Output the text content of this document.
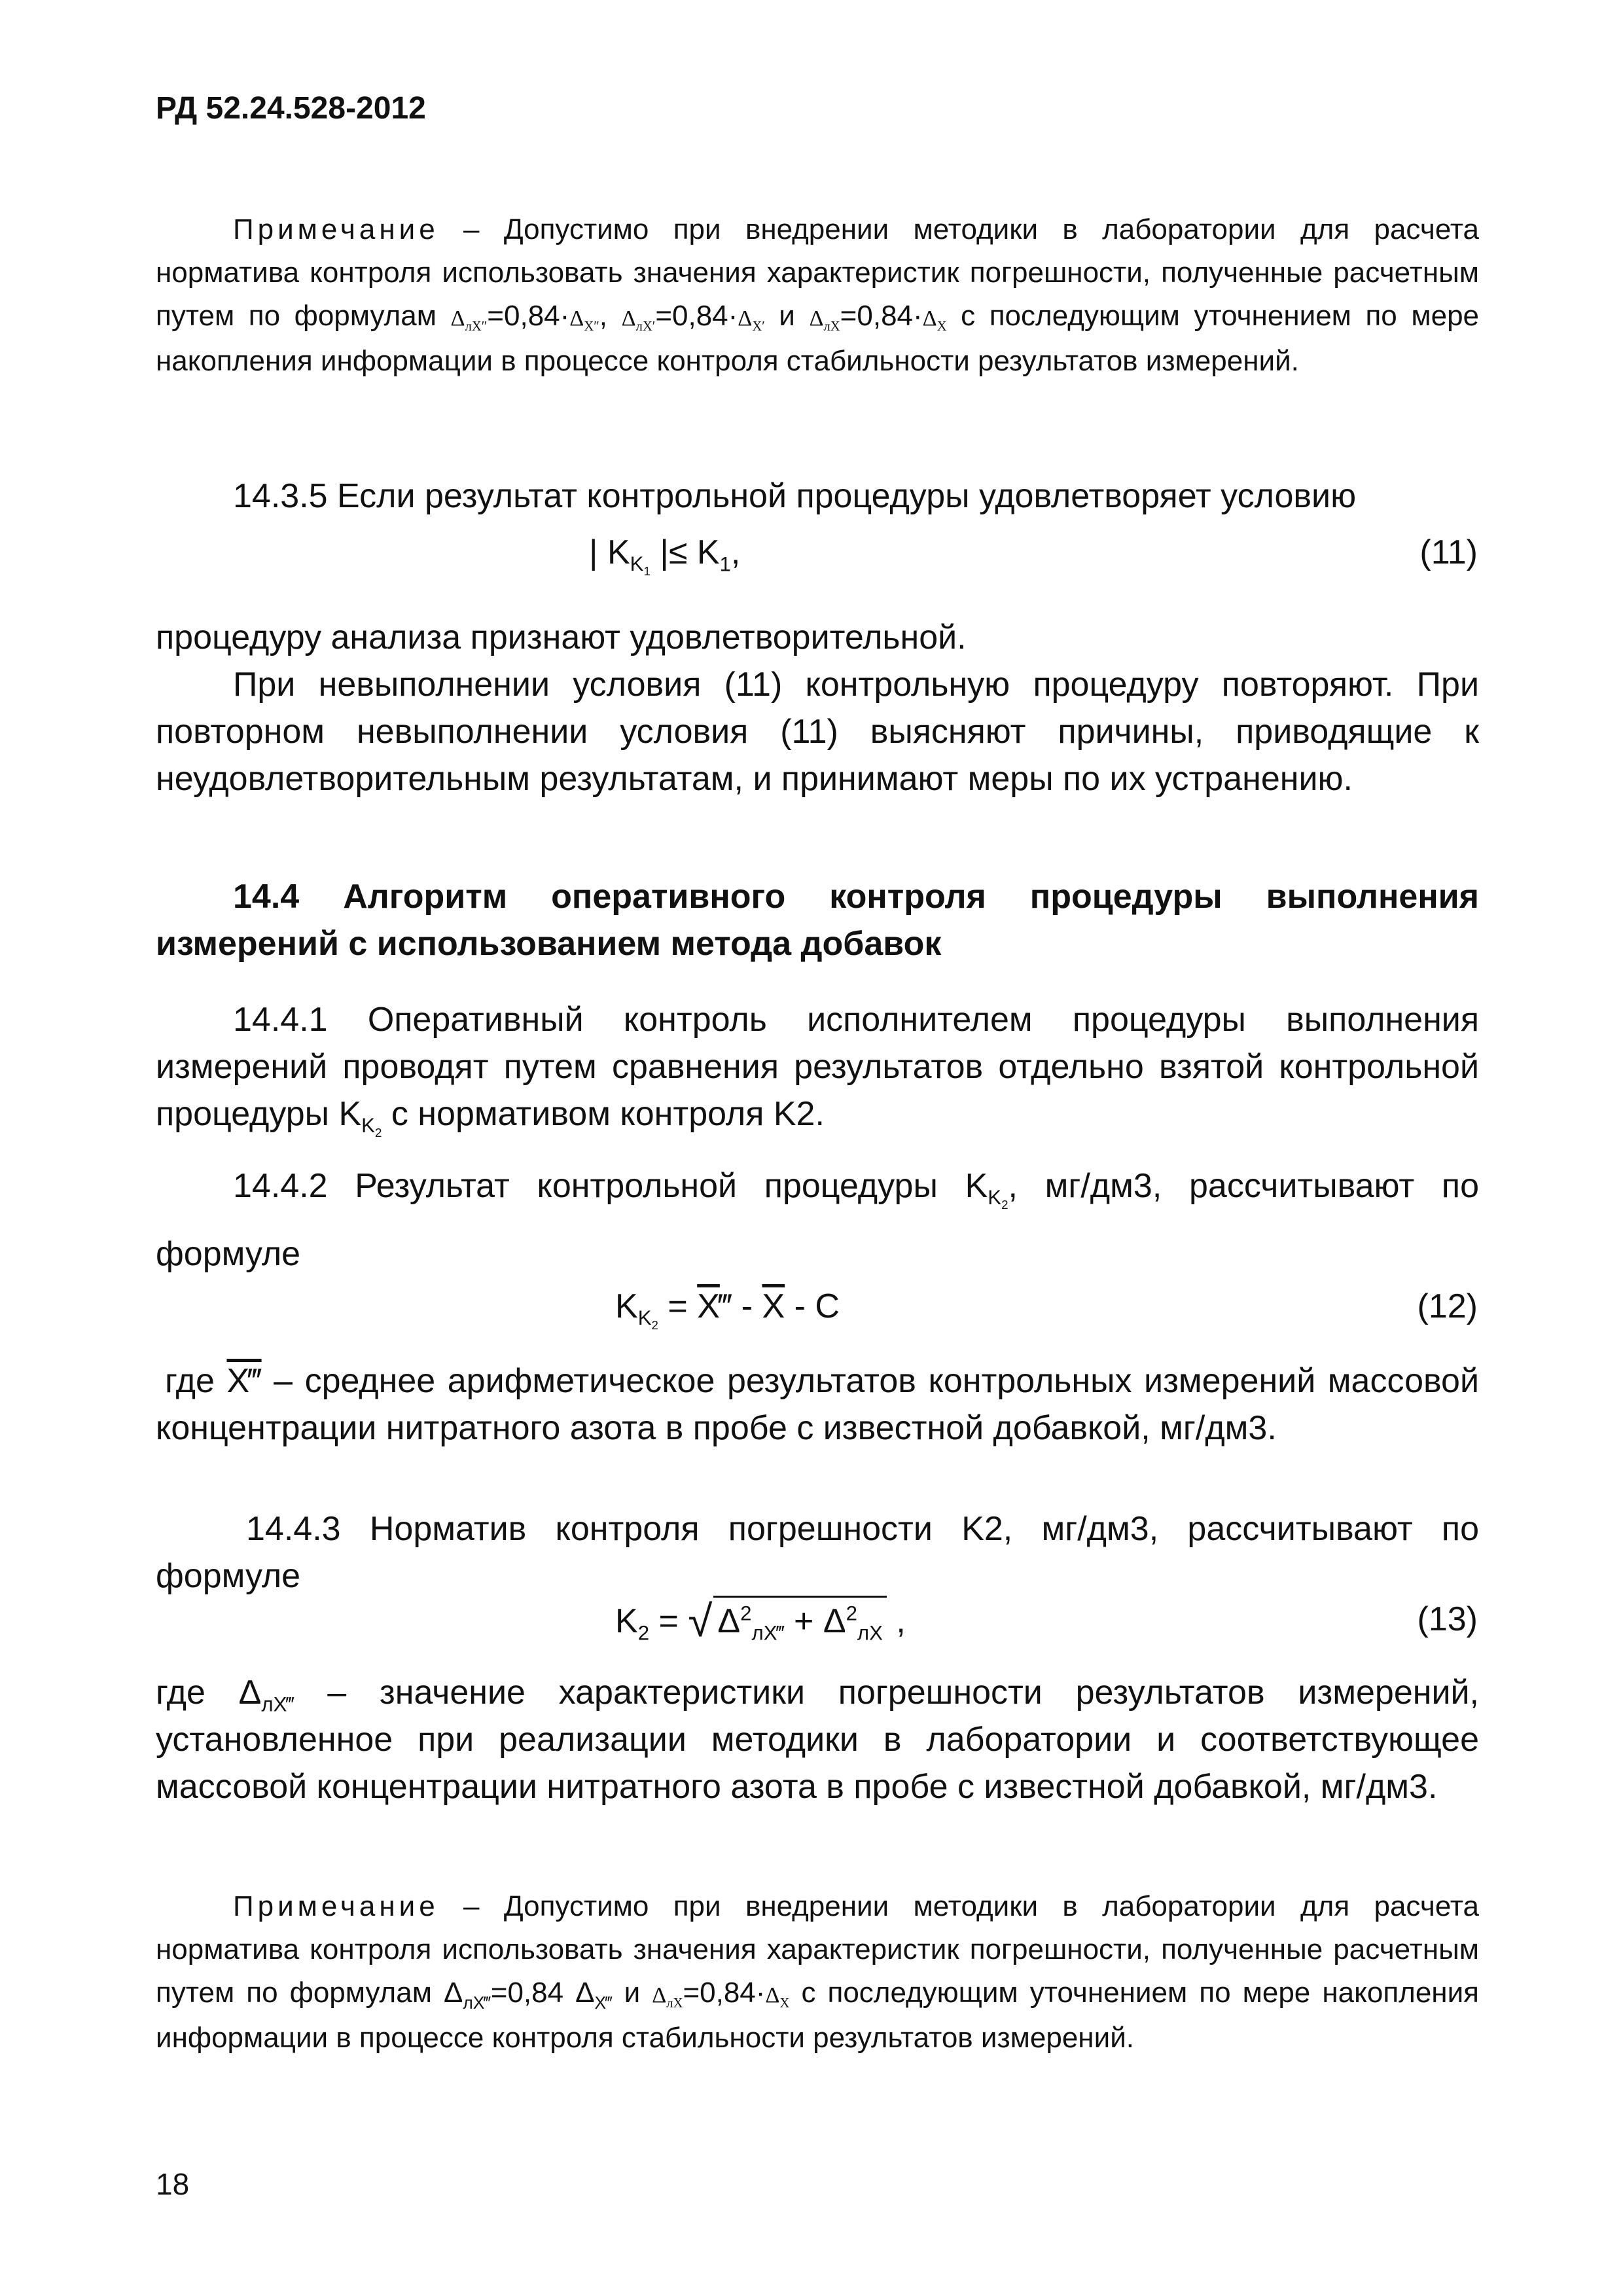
РД 52.24.528-2012
Примечание – Допустимо при внедрении методики в лаборатории для расчета норматива контроля использовать значения характеристик погрешности, полученные расчетным путем по формулам $\Delta_{лХ''}=0,84\cdot\Delta_{Х''}$, $\Delta_{лХ'}=0,84\cdot\Delta_{Х'}$ и $\Delta_{лХ}=0,84\cdot\Delta_Х$ с последующим уточнением по мере накопления информации в процессе контроля стабильности результатов измерений.
14.3.5 Если результат контрольной процедуры удовлетворяет условию
| $K_{K_1}$ |≤ $K_1$,	(11)
процедуру анализа признают удовлетворительной.
При невыполнении условия (11) контрольную процедуру повторяют. При повторном невыполнении условия (11) выясняют причины, приводящие к неудовлетворительным результатам, и принимают меры по их устранению.
14.4 Алгоритм оперативного контроля процедуры выполнения измерений с использованием метода добавок
14.4.1 Оперативный контроль исполнителем процедуры выполнения измерений проводят путем сравнения результатов отдельно взятой контрольной процедуры $K_{K_2}$ с нормативом контроля K2.
14.4.2 Результат контрольной процедуры $K_{K_2}$, мг/дм3, рассчитывают по формуле
$K_{K_2}$ = $\overline{X}‴ - \overline{X}$ - C	(12)
где X‴ – среднее арифметическое результатов контрольных измерений массовой концентрации нитратного азота в пробе с известной добавкой, мг/дм3.
14.4.3 Норматив контроля погрешности K2, мг/дм3, рассчитывают по формуле
$K_2$ = √ $\Delta^2_{лХ‴} + \Delta^2_{лХ}$ ,	(13)
где $\Delta_{лХ‴}$ – значение характеристики погрешности результатов измерений, установленное при реализации методики в лаборатории и соответствующее массовой концентрации нитратного азота в пробе с известной добавкой, мг/дм3.
Примечание – Допустимо при внедрении методики в лаборатории для расчета норматива контроля использовать значения характеристик погрешности, полученные расчетным путем по формулам $\Delta_{лХ‴}=0,84$ $\Delta_{Х‴}$ и $\Delta_{лХ}=0,84\cdot\Delta_Х$ с последующим уточнением по мере накопления информации в процессе контроля стабильности результатов измерений.
18
